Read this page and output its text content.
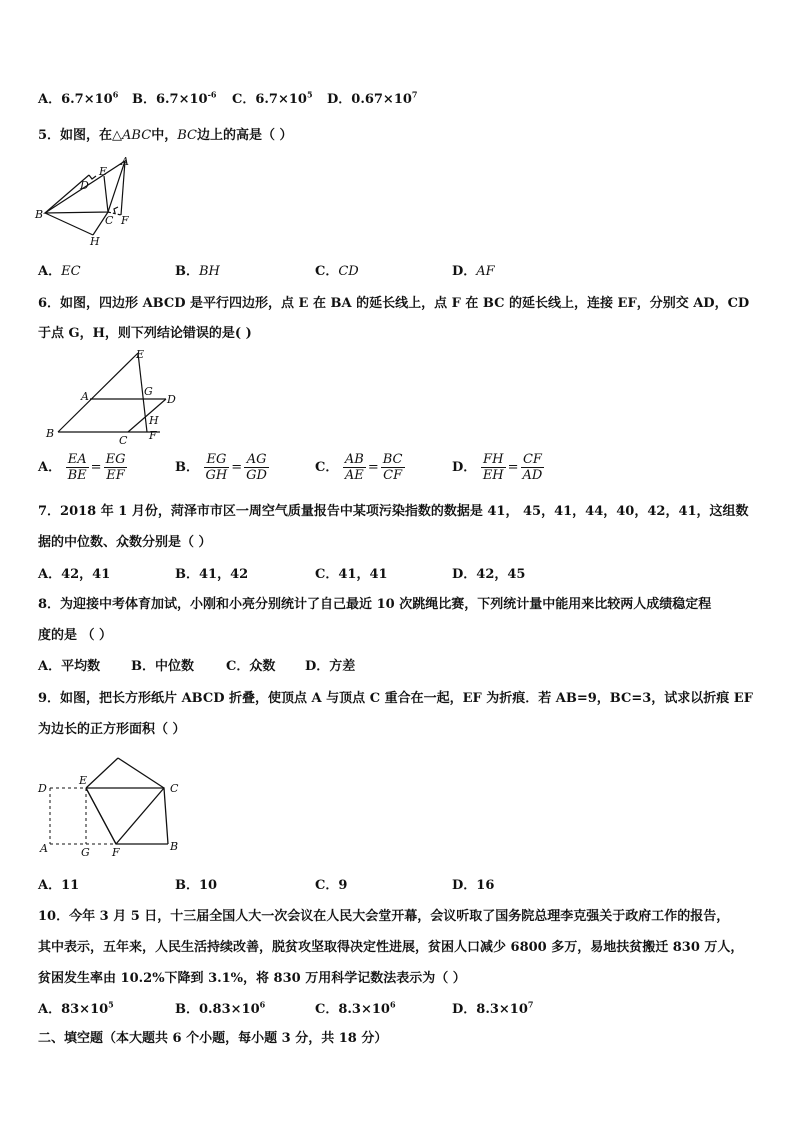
A．$6.7\times 10^6$ B．$6.7\times 10^{-6}$ C．$6.7\times 10^5$ D．$0.67\times 10^7$
5．如图，在△ABC中，BC边上的高是（ ）
B
A
C
D
E
F
H
A．EC	B．BH	C．CD	D．AF
6．如图，四边形 ABCD 是平行四边形，点 E 在 BA 的延长线上，点 F 在 BC 的延长线上，连接 EF，分别交 AD，CD
于点 G，H，则下列结论错误的是( )
E
A	G
D
H
B
C F
A． $\frac{EA}{BE} = \frac{EG}{EF}$	B． $\frac{EG}{GH} = \frac{AG}{GD}$	C． $\frac{AB}{AE} = \frac{BC}{CF}$	D． $\frac{FH}{EH} = \frac{CF}{AD}$
7．2018 年 1 月份，菏泽市市区一周空气质量报告中某项污染指数的数据是 41， 45，41，44，40，42，41，这组数
据的中位数、众数分别是（ ）
A．42，41	B．41，42	C．41，41	D．42，45
8．为迎接中考体育加试，小刚和小亮分别统计了自己最近 10 次跳绳比赛，下列统计量中能用来比较两人成绩稳定程
度的是 （ ）
A．平均数 B．中位数 C．众数 D．方差
9．如图，把长方形纸片 ABCD 折叠，使顶点 A 与顶点 C 重合在一起，EF 为折痕．若 AB=9，BC=3，试求以折痕 EF
为边长的正方形面积（ ）
D
E
C
A	G F	B
A．11	B．10	C．9	D．16
10．今年 3 月 5 日，十三届全国人大一次会议在人民大会堂开幕，会议听取了国务院总理李克强关于政府工作的报告，
其中表示，五年来，人民生活持续改善，脱贫攻坚取得决定性进展，贫困人口减少 6800 多万，易地扶贫搬迁 830 万人，
贫困发生率由 10.2%下降到 3.1%，将 830 万用科学记数法表示为（ ）
A．$83\times 10^5$	B．$0.83\times 10^6$	C．$8.3\times 10^6$	D．$8.3\times 10^7$
二、填空题（本大题共 6 个小题，每小题 3 分，共 18 分）
